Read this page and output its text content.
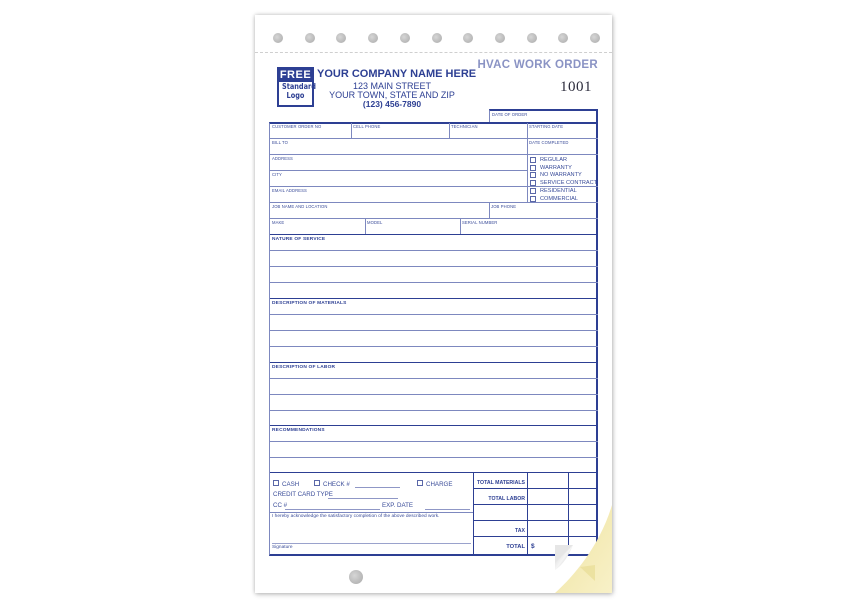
FREE
Standard
Logo
YOUR COMPANY NAME HERE
123 MAIN STREET
YOUR TOWN, STATE AND ZIP
(123) 456-7890
HVAC WORK ORDER
1001
DATE OF ORDER
CUSTOMER ORDER NO	CELL PHONE	TECHNICIAN	STARTING DATE
BILL TO	DATE COMPLETED
ADDRESS
CITY
EMAIL ADDRESS
REGULAR
WARRANTY
NO WARRANTY
SERVICE CONTRACT
RESIDENTIAL
COMMERCIAL
JOB NAME AND LOCATION	JOB PHONE
MAKE	MODEL	SERIAL NUMBER
NATURE OF SERVICE
DESCRIPTION OF MATERIALS
DESCRIPTION OF LABOR
RECOMMENDATIONS
CASH	CHECK #	CHARGE
CREDIT CARD TYPE
CC #	EXP. DATE
I hereby acknowledge the satisfactory completion of the above described work.
Signature
TOTAL MATERIALS
TOTAL LABOR
TAX
TOTAL $
